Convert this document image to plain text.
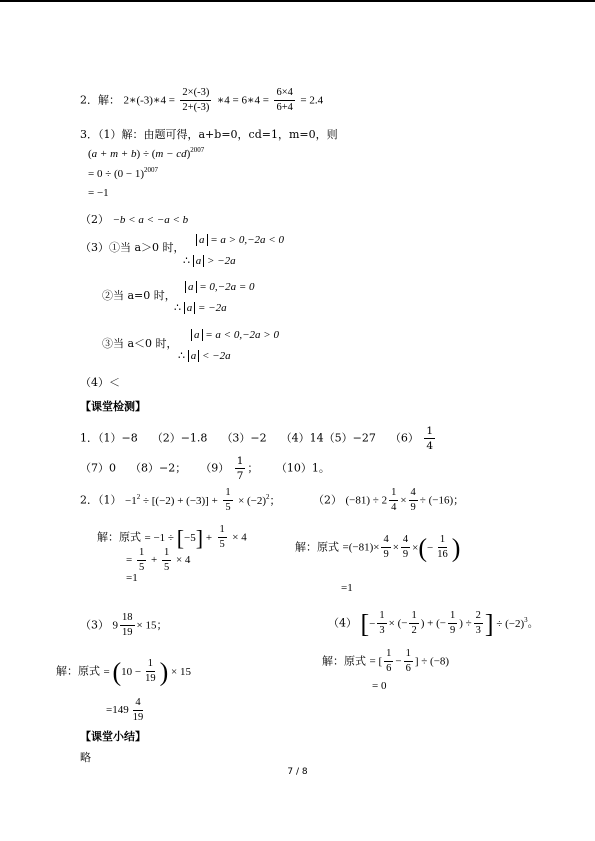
2．解： 2∗(-3)∗4 = $\frac{2\times(-3)}{2+(-3)}$ ∗4 = 6∗4 = $\frac{6\times 4}{6+4} = 2.4$
3．（1）解：由题可得，a+b=0，cd=1，m=0，则
(a + m + b) ÷ (m − cd)$^{2007}$
= $0 \div (0 - 1)^{2007}$
= −1
（2） −b < a < −a < b
（3）①当 a＞0 时，
a = a > 0,−2a < 0
∴ a > −2a
②当 a=0 时，
a = 0,−2a = 0
∴ a = −2a
③当 a＜0 时，
a = a < 0,−2a > 0
∴ a < −2a
（4）＜
【课堂检测】
1．（1）−8 （2）−1.8 （3）−2 （4）14（5）−27 $(6) \frac{1}{4}$
（7）0 （8）−2； $(9) \frac{1}{7}$ ； （10）1。
2．$(1) -1^2 \div [(-2) + (-3)] + \frac{1}{5} \times (-2)^2$；	（2） $(-81) \div 2 \frac{1}{4} \times \frac{4}{9} \div (-16)$；
解：原式 = $-1 \div [-5] + \frac{1}{5} \times 4$
= $\frac{1}{5} + \frac{1}{5} \times 4$
=1
解：原式 $=(-81)\times \frac{4}{9} \times \frac{4}{9}$ ×(− $\frac{1}{16}$ )
=1
（3） $9 \frac{18}{19} \times 15$；	（4） [− $\frac{1}{3}$ × (− $\frac{1}{2}$ ) + (− $\frac{1}{9}$ ) ÷ $\frac{2}{3}$ ] ÷ $(-2)^3$。
解：原式 = ($10 - \frac{1}{19}$ ) × 15
$=149 \frac{4}{19}$
解：原式 = [ $\frac{1}{6} - \frac{1}{6}$ ] ÷ (−8)
= 0
【课堂小结】
略
7 / 8
